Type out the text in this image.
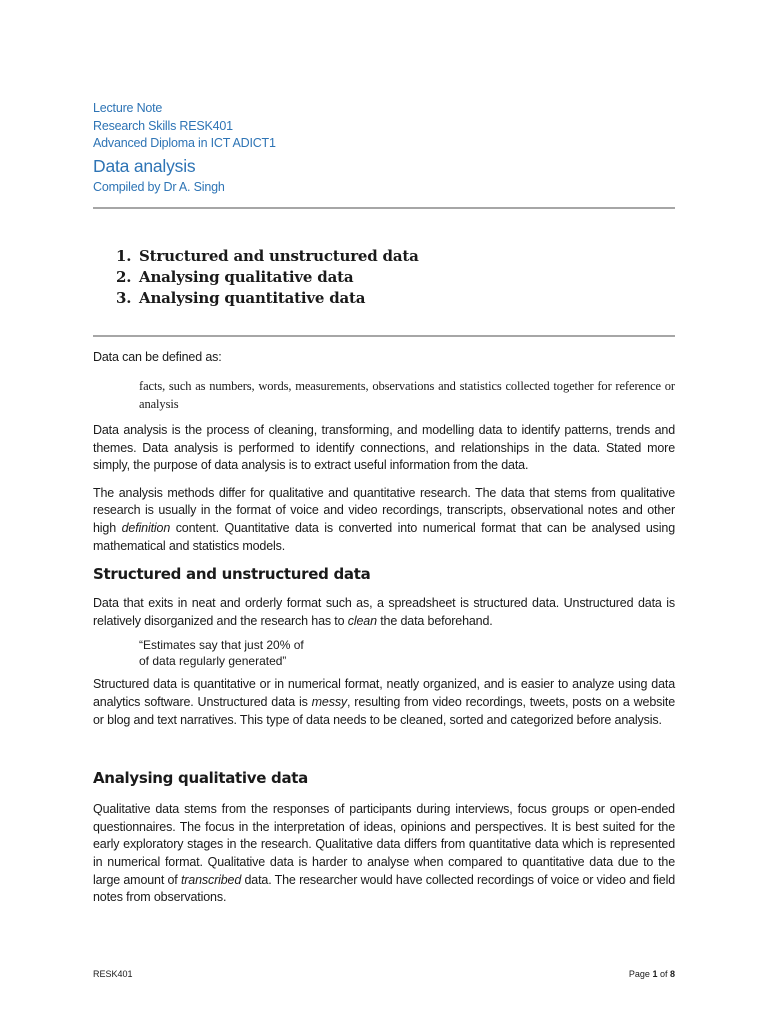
Lecture Note
Research Skills RESK401
Advanced Diploma in ICT ADICT1
Data analysis
Compiled by Dr A. Singh
1. Structured and unstructured data
2. Analysing qualitative data
3. Analysing quantitative data

Data can be defined as:

facts, such as numbers, words, measurements, observations and statistics collected together for reference or analysis

Data analysis is the process of cleaning, transforming, and modelling data to identify patterns, trends and themes. Data analysis is performed to identify connections, and relationships in the data. Stated more simply, the purpose of data analysis is to extract useful information from the data.

The analysis methods differ for qualitative and quantitative research. The data that stems from qualitative research is usually in the format of voice and video recordings, transcripts, observational notes and other high definition content. Quantitative data is converted into numerical format that can be analysed using mathematical and statistics models.

Structured and unstructured data

Data that exits in neat and orderly format such as, a spreadsheet is structured data. Unstructured data is relatively disorganized and the research has to clean the data beforehand.

“Estimates say that just 20% of
of data regularly generated”

Structured data is quantitative or in numerical format, neatly organized, and is easier to analyze using data analytics software. Unstructured data is messy, resulting from video recordings, tweets, posts on a website or blog and text narratives. This type of data needs to be cleaned, sorted and categorized before analysis.

Analysing qualitative data

Qualitative data stems from the responses of participants during interviews, focus groups or open-ended questionnaires. The focus in the interpretation of ideas, opinions and perspectives. It is best suited for the early exploratory stages in the research. Qualitative data differs from quantitative data which is represented in numerical format. Qualitative data is harder to analyse when compared to quantitative data due to the large amount of transcribed data. The researcher would have collected recordings of voice or video and field notes from observations.

RESK401	Page 1 of 8
